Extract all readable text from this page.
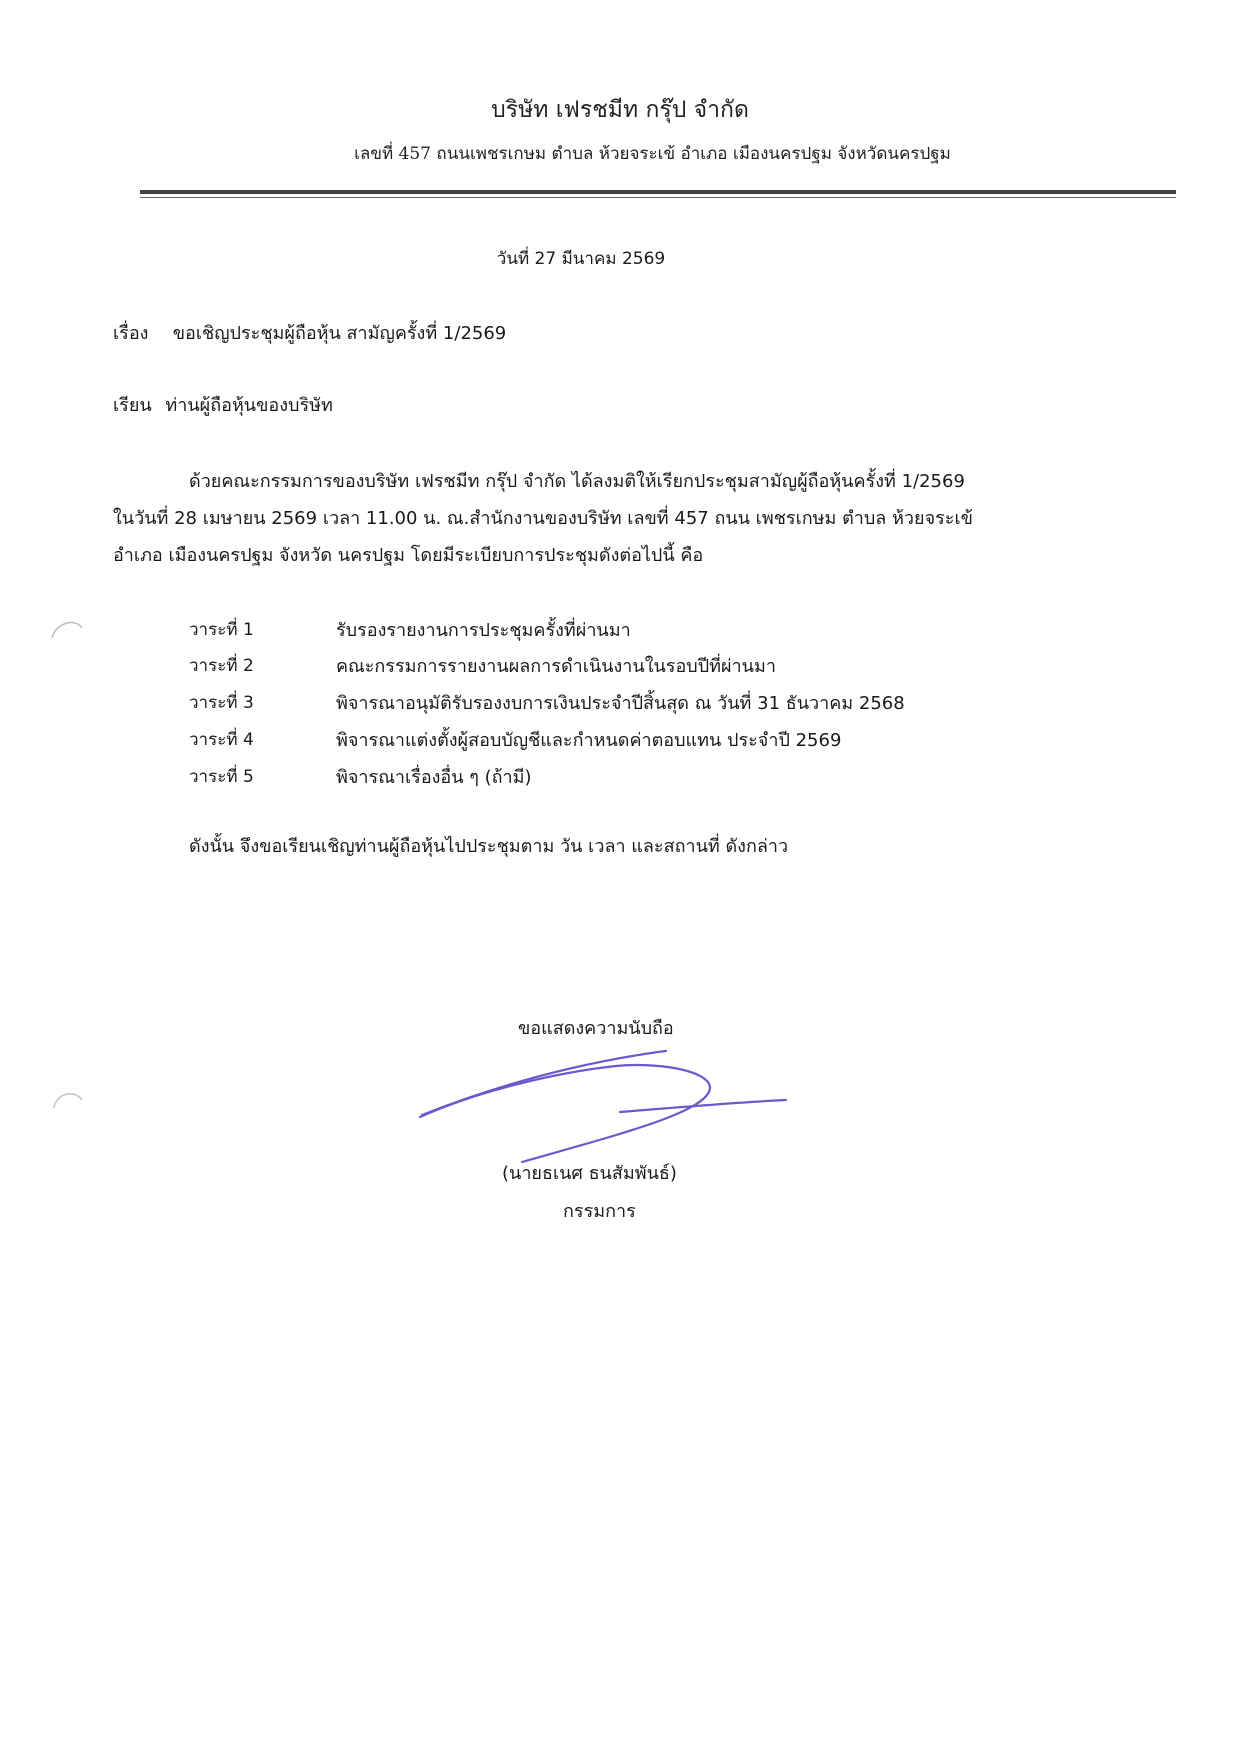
บริษัท เฟรชมีท กรุ๊ป จำกัด
เลขที่ 457 ถนนเพชรเกษม ตำบล ห้วยจระเข้ อำเภอ เมืองนครปฐม จังหวัดนครปฐม
วันที่ 27 มีนาคม 2569
เรื่อง ขอเชิญประชุมผู้ถือหุ้น สามัญครั้งที่ 1/2569
เรียน ท่านผู้ถือหุ้นของบริษัท
ด้วยคณะกรรมการของบริษัท เฟรชมีท กรุ๊ป จำกัด ได้ลงมติให้เรียกประชุมสามัญผู้ถือหุ้นครั้งที่ 1/2569
ในวันที่ 28 เมษายน 2569 เวลา 11.00 น. ณ.สำนักงานของบริษัท เลขที่ 457 ถนน เพชรเกษม ตำบล ห้วยจระเข้
อำเภอ เมืองนครปฐม จังหวัด นครปฐม โดยมีระเบียบการประชุมดังต่อไปนี้ คือ
วาระที่ 1	รับรองรายงานการประชุมครั้งที่ผ่านมา
วาระที่ 2	คณะกรรมการรายงานผลการดำเนินงานในรอบปีที่ผ่านมา
วาระที่ 3	พิจารณาอนุมัติรับรองงบการเงินประจำปีสิ้นสุด ณ วันที่ 31 ธันวาคม 2568
วาระที่ 4	พิจารณาแต่งตั้งผู้สอบบัญชีและกำหนดค่าตอบแทน ประจำปี 2569
วาระที่ 5	พิจารณาเรื่องอื่น ๆ (ถ้ามี)
ดังนั้น จึงขอเรียนเชิญท่านผู้ถือหุ้นไปประชุมตาม วัน เวลา และสถานที่ ดังกล่าว
ขอแสดงความนับถือ
(นายธเนศ ธนสัมพันธ์)
กรรมการ
